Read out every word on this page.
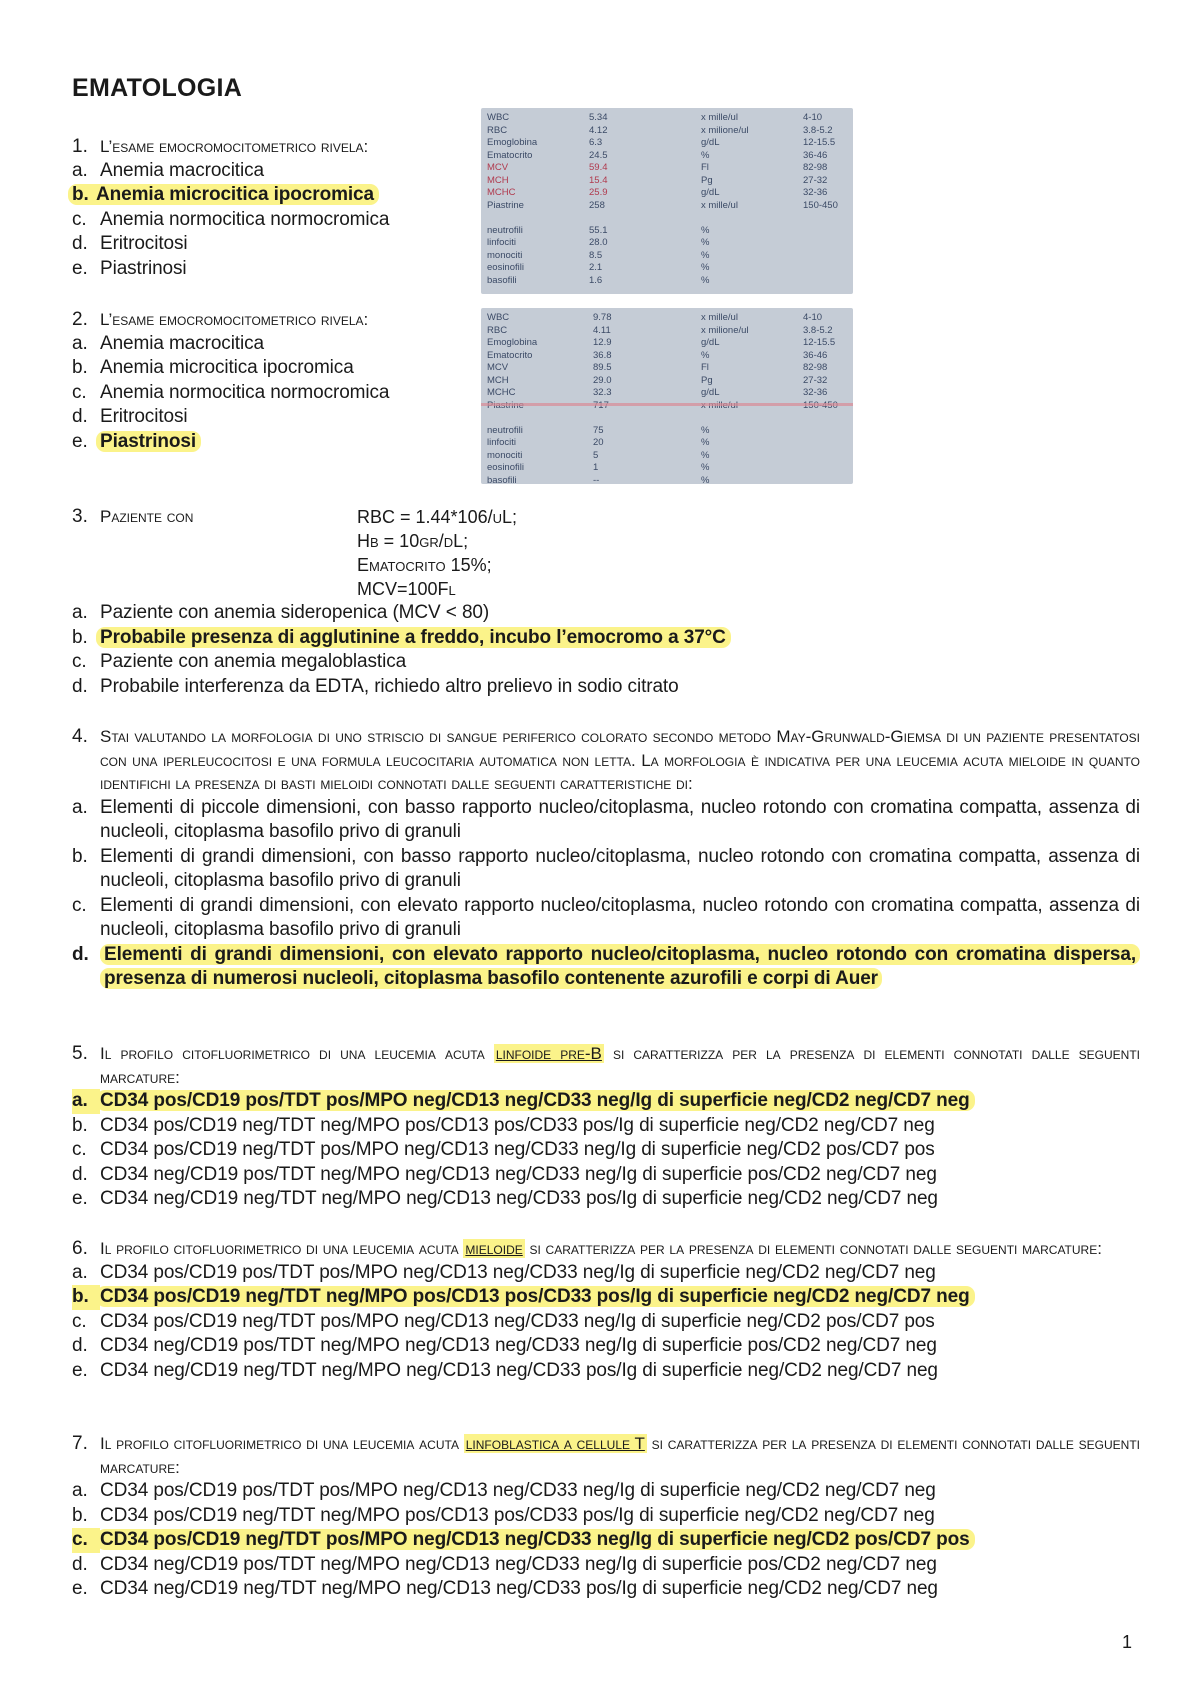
EMATOLOGIA
1. L’esame emocromocitometrico rivela:
a. Anemia macrocitica
b. Anemia microcitica ipocromica
c. Anemia normocitica normocromica
d. Eritrocitosi
e. Piastrinosi
WBC
RBC
Emoglobina
Ematocrito
MCV
MCH
MCHC
Piastrine

neutrofili
linfociti
monociti
eosinofili
basofili
5.34
4.12
6.3
24.5
59.4
15.4
25.9
258

55.1
28.0
8.5
2.1
1.6
x mille/ul
x milione/ul
g/dL
%
Fl
Pg
g/dL
x mille/ul

%
%
%
%
%
4-10
3.8-5.2
12-15.5
36-46
82-98
27-32
32-36
150-450
2. L’esame emocromocitometrico rivela:
a. Anemia macrocitica
b. Anemia microcitica ipocromica
c. Anemia normocitica normocromica
d. Eritrocitosi
e. Piastrinosi
WBC
RBC
Emoglobina
Ematocrito
MCV
MCH
MCHC

neutrofili
linfociti
monociti
eosinofili
basofili
9.78
4.11
12.9
36.8
89.5
29.0
32.3

75
20
5
1
--
x mille/ul
x milione/ul
g/dL
%
Fl
Pg
g/dL

%
%
%
%
%
4-10
3.8-5.2
12-15.5
36-46
82-98
27-32
32-36

3. Paziente con	RBC = 1.44*106/uL;
Hb = 10gr/dL;
Ematocrito 15%;
MCV=100Fl
a. Paziente con anemia sideropenica (MCV < 80)
b. Probabile presenza di agglutinine a freddo, incubo l’emocromo a 37°C
c. Paziente con anemia megaloblastica
d. Probabile interferenza da EDTA, richiedo altro prelievo in sodio citrato
4. Stai valutando la morfologia di uno striscio di sangue periferico colorato secondo metodo May-Grunwald-Giemsa di un paziente presentatosi con una iperleucocitosi e una formula leucocitaria automatica non letta. La morfologia è indicativa per una leucemia acuta mieloide in quanto identifichi la presenza di basti mieloidi connotati dalle seguenti caratteristiche di:
a. Elementi di piccole dimensioni, con basso rapporto nucleo/citoplasma, nucleo rotondo con cromatina compatta, assenza di nucleoli, citoplasma basofilo privo di granuli
b. Elementi di grandi dimensioni, con basso rapporto nucleo/citoplasma, nucleo rotondo con cromatina compatta, assenza di nucleoli, citoplasma basofilo privo di granuli
c. Elementi di grandi dimensioni, con elevato rapporto nucleo/citoplasma, nucleo rotondo con cromatina compatta, assenza di nucleoli, citoplasma basofilo privo di granuli
d. Elementi di grandi dimensioni, con elevato rapporto nucleo/citoplasma, nucleo rotondo con cromatina dispersa, presenza di numerosi nucleoli, citoplasma basofilo contenente azurofili e corpi di Auer
5. Il profilo citofluorimetrico di una leucemia acuta linfoide pre-B si caratterizza per la presenza di elementi connotati dalle seguenti marcature:
a. CD34 pos/CD19 pos/TDT pos/MPO neg/CD13 neg/CD33 neg/Ig di superficie neg/CD2 neg/CD7 neg
b. CD34 pos/CD19 neg/TDT neg/MPO pos/CD13 pos/CD33 pos/Ig di superficie neg/CD2 neg/CD7 neg
c. CD34 pos/CD19 neg/TDT pos/MPO neg/CD13 neg/CD33 neg/Ig di superficie neg/CD2 pos/CD7 pos
d. CD34 neg/CD19 pos/TDT neg/MPO neg/CD13 neg/CD33 neg/Ig di superficie pos/CD2 neg/CD7 neg
e. CD34 neg/CD19 neg/TDT neg/MPO neg/CD13 neg/CD33 pos/Ig di superficie neg/CD2 neg/CD7 neg
6. Il profilo citofluorimetrico di una leucemia acuta mieloide si caratterizza per la presenza di elementi connotati dalle seguenti marcature:
a. CD34 pos/CD19 pos/TDT pos/MPO neg/CD13 neg/CD33 neg/Ig di superficie neg/CD2 neg/CD7 neg
b. CD34 pos/CD19 neg/TDT neg/MPO pos/CD13 pos/CD33 pos/Ig di superficie neg/CD2 neg/CD7 neg
c. CD34 pos/CD19 neg/TDT pos/MPO neg/CD13 neg/CD33 neg/Ig di superficie neg/CD2 pos/CD7 pos
d. CD34 neg/CD19 pos/TDT neg/MPO neg/CD13 neg/CD33 neg/Ig di superficie pos/CD2 neg/CD7 neg
e. CD34 neg/CD19 neg/TDT neg/MPO neg/CD13 neg/CD33 pos/Ig di superficie neg/CD2 neg/CD7 neg
7. Il profilo citofluorimetrico di una leucemia acuta linfoblastica a cellule T si caratterizza per la presenza di elementi connotati dalle seguenti marcature:
a. CD34 pos/CD19 pos/TDT pos/MPO neg/CD13 neg/CD33 neg/Ig di superficie neg/CD2 neg/CD7 neg
b. CD34 pos/CD19 neg/TDT neg/MPO pos/CD13 pos/CD33 pos/Ig di superficie neg/CD2 neg/CD7 neg
c. CD34 pos/CD19 neg/TDT pos/MPO neg/CD13 neg/CD33 neg/Ig di superficie neg/CD2 pos/CD7 pos
d. CD34 neg/CD19 pos/TDT neg/MPO neg/CD13 neg/CD33 neg/Ig di superficie pos/CD2 neg/CD7 neg
e. CD34 neg/CD19 neg/TDT neg/MPO neg/CD13 neg/CD33 pos/Ig di superficie neg/CD2 neg/CD7 neg
1
